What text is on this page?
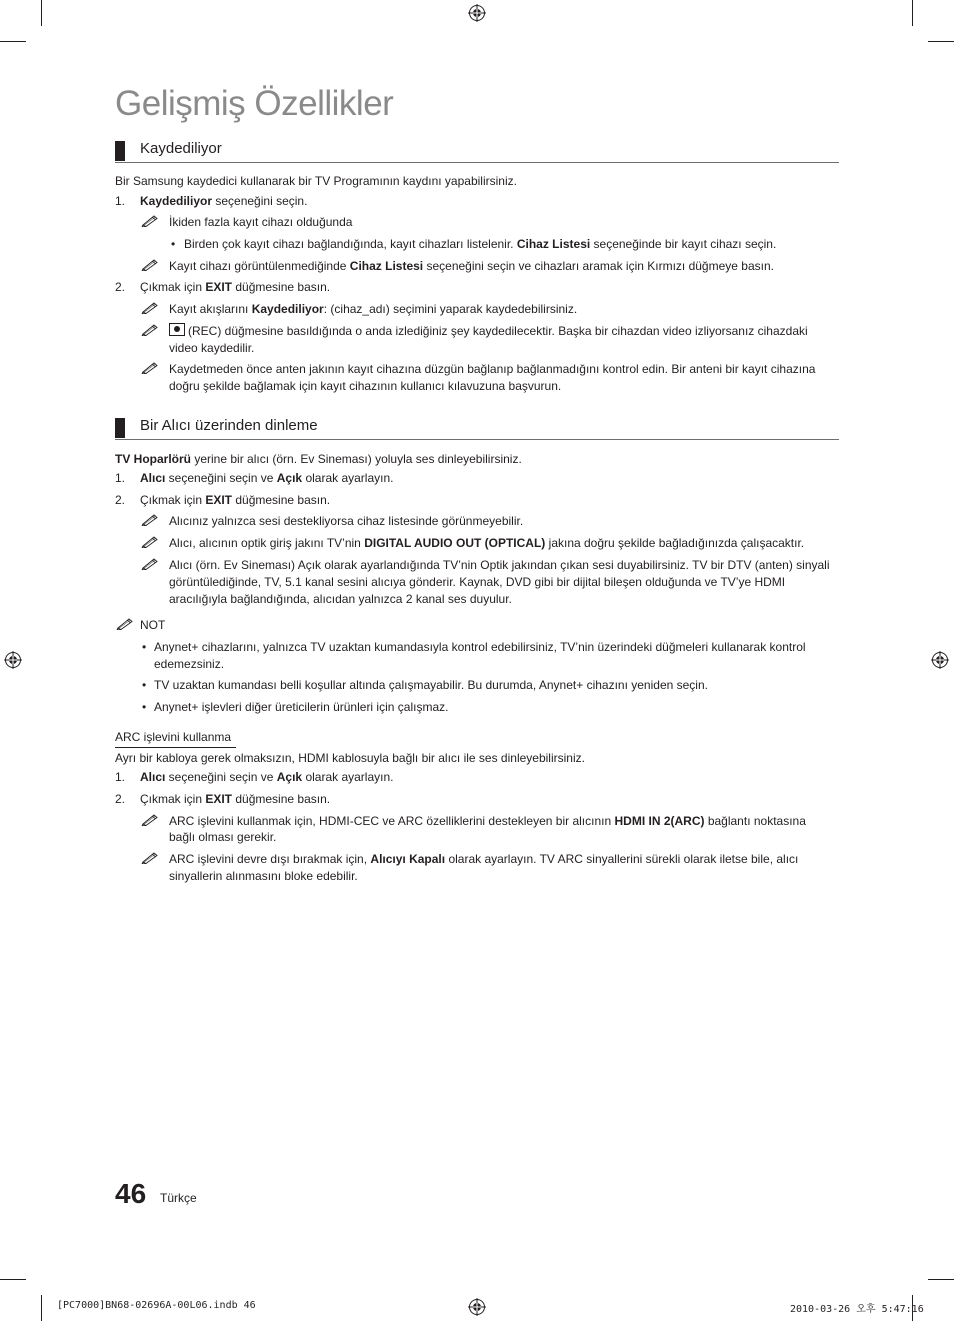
Gelişmiş Özellikler
Kaydediliyor
Bir Samsung kaydedici kullanarak bir TV Programının kaydını yapabilirsiniz.
1. Kaydediliyor seçeneğini seçin.
İkiden fazla kayıt cihazı olduğunda
• Birden çok kayıt cihazı bağlandığında, kayıt cihazları listelenir. Cihaz Listesi seçeneğinde bir kayıt cihazı seçin.
Kayıt cihazı görüntülenmediğinde Cihaz Listesi seçeneğini seçin ve cihazları aramak için Kırmızı düğmeye basın.
2. Çıkmak için EXIT düğmesine basın.
Kayıt akışlarını Kaydediliyor: (cihaz_adı) seçimini yaparak kaydedebilirsiniz.
(REC) düğmesine basıldığında o anda izlediğiniz şey kaydedilecektir. Başka bir cihazdan video izliyorsanız cihazdaki
video kaydedilir.
Kaydetmeden önce anten jakının kayıt cihazına düzgün bağlanıp bağlanmadığını kontrol edin. Bir anteni bir kayıt cihazına
doğru şekilde bağlamak için kayıt cihazının kullanıcı kılavuzuna başvurun.
Bir Alıcı üzerinden dinleme
TV Hoparlörü yerine bir alıcı (örn. Ev Sineması) yoluyla ses dinleyebilirsiniz.
1. Alıcı seçeneğini seçin ve Açık olarak ayarlayın.
2. Çıkmak için EXIT düğmesine basın.
Alıcınız yalnızca sesi destekliyorsa cihaz listesinde görünmeyebilir.
Alıcı, alıcının optik giriş jakını TV’nin DIGITAL AUDIO OUT (OPTICAL) jakına doğru şekilde bağladığınızda çalışacaktır.
Alıcı (örn. Ev Sineması) Açık olarak ayarlandığında TV’nin Optik jakından çıkan sesi duyabilirsiniz. TV bir DTV (anten) sinyali
görüntülediğinde, TV, 5.1 kanal sesini alıcıya gönderir. Kaynak, DVD gibi bir dijital bileşen olduğunda ve TV’ye HDMI
aracılığıyla bağlandığında, alıcıdan yalnızca 2 kanal ses duyulur.
NOT
• Anynet+ cihazlarını, yalnızca TV uzaktan kumandasıyla kontrol edebilirsiniz, TV’nin üzerindeki düğmeleri kullanarak kontrol
edemezsiniz.
• TV uzaktan kumandası belli koşullar altında çalışmayabilir. Bu durumda, Anynet+ cihazını yeniden seçin.
• Anynet+ işlevleri diğer üreticilerin ürünleri için çalışmaz.
ARC işlevini kullanma
Ayrı bir kabloya gerek olmaksızın, HDMI kablosuyla bağlı bir alıcı ile ses dinleyebilirsiniz.
1. Alıcı seçeneğini seçin ve Açık olarak ayarlayın.
2. Çıkmak için EXIT düğmesine basın.
ARC işlevini kullanmak için, HDMI-CEC ve ARC özelliklerini destekleyen bir alıcının HDMI IN 2(ARC) bağlantı noktasına
bağlı olması gerekir.
ARC işlevini devre dışı bırakmak için, Alıcıyı Kapalı olarak ayarlayın. TV ARC sinyallerini sürekli olarak iletse bile, alıcı
sinyallerin alınmasını bloke edebilir.
46 Türkçe
[PC7000]BN68-02696A-00L06.indb 46	2010-03-26 오후 5:47:16
